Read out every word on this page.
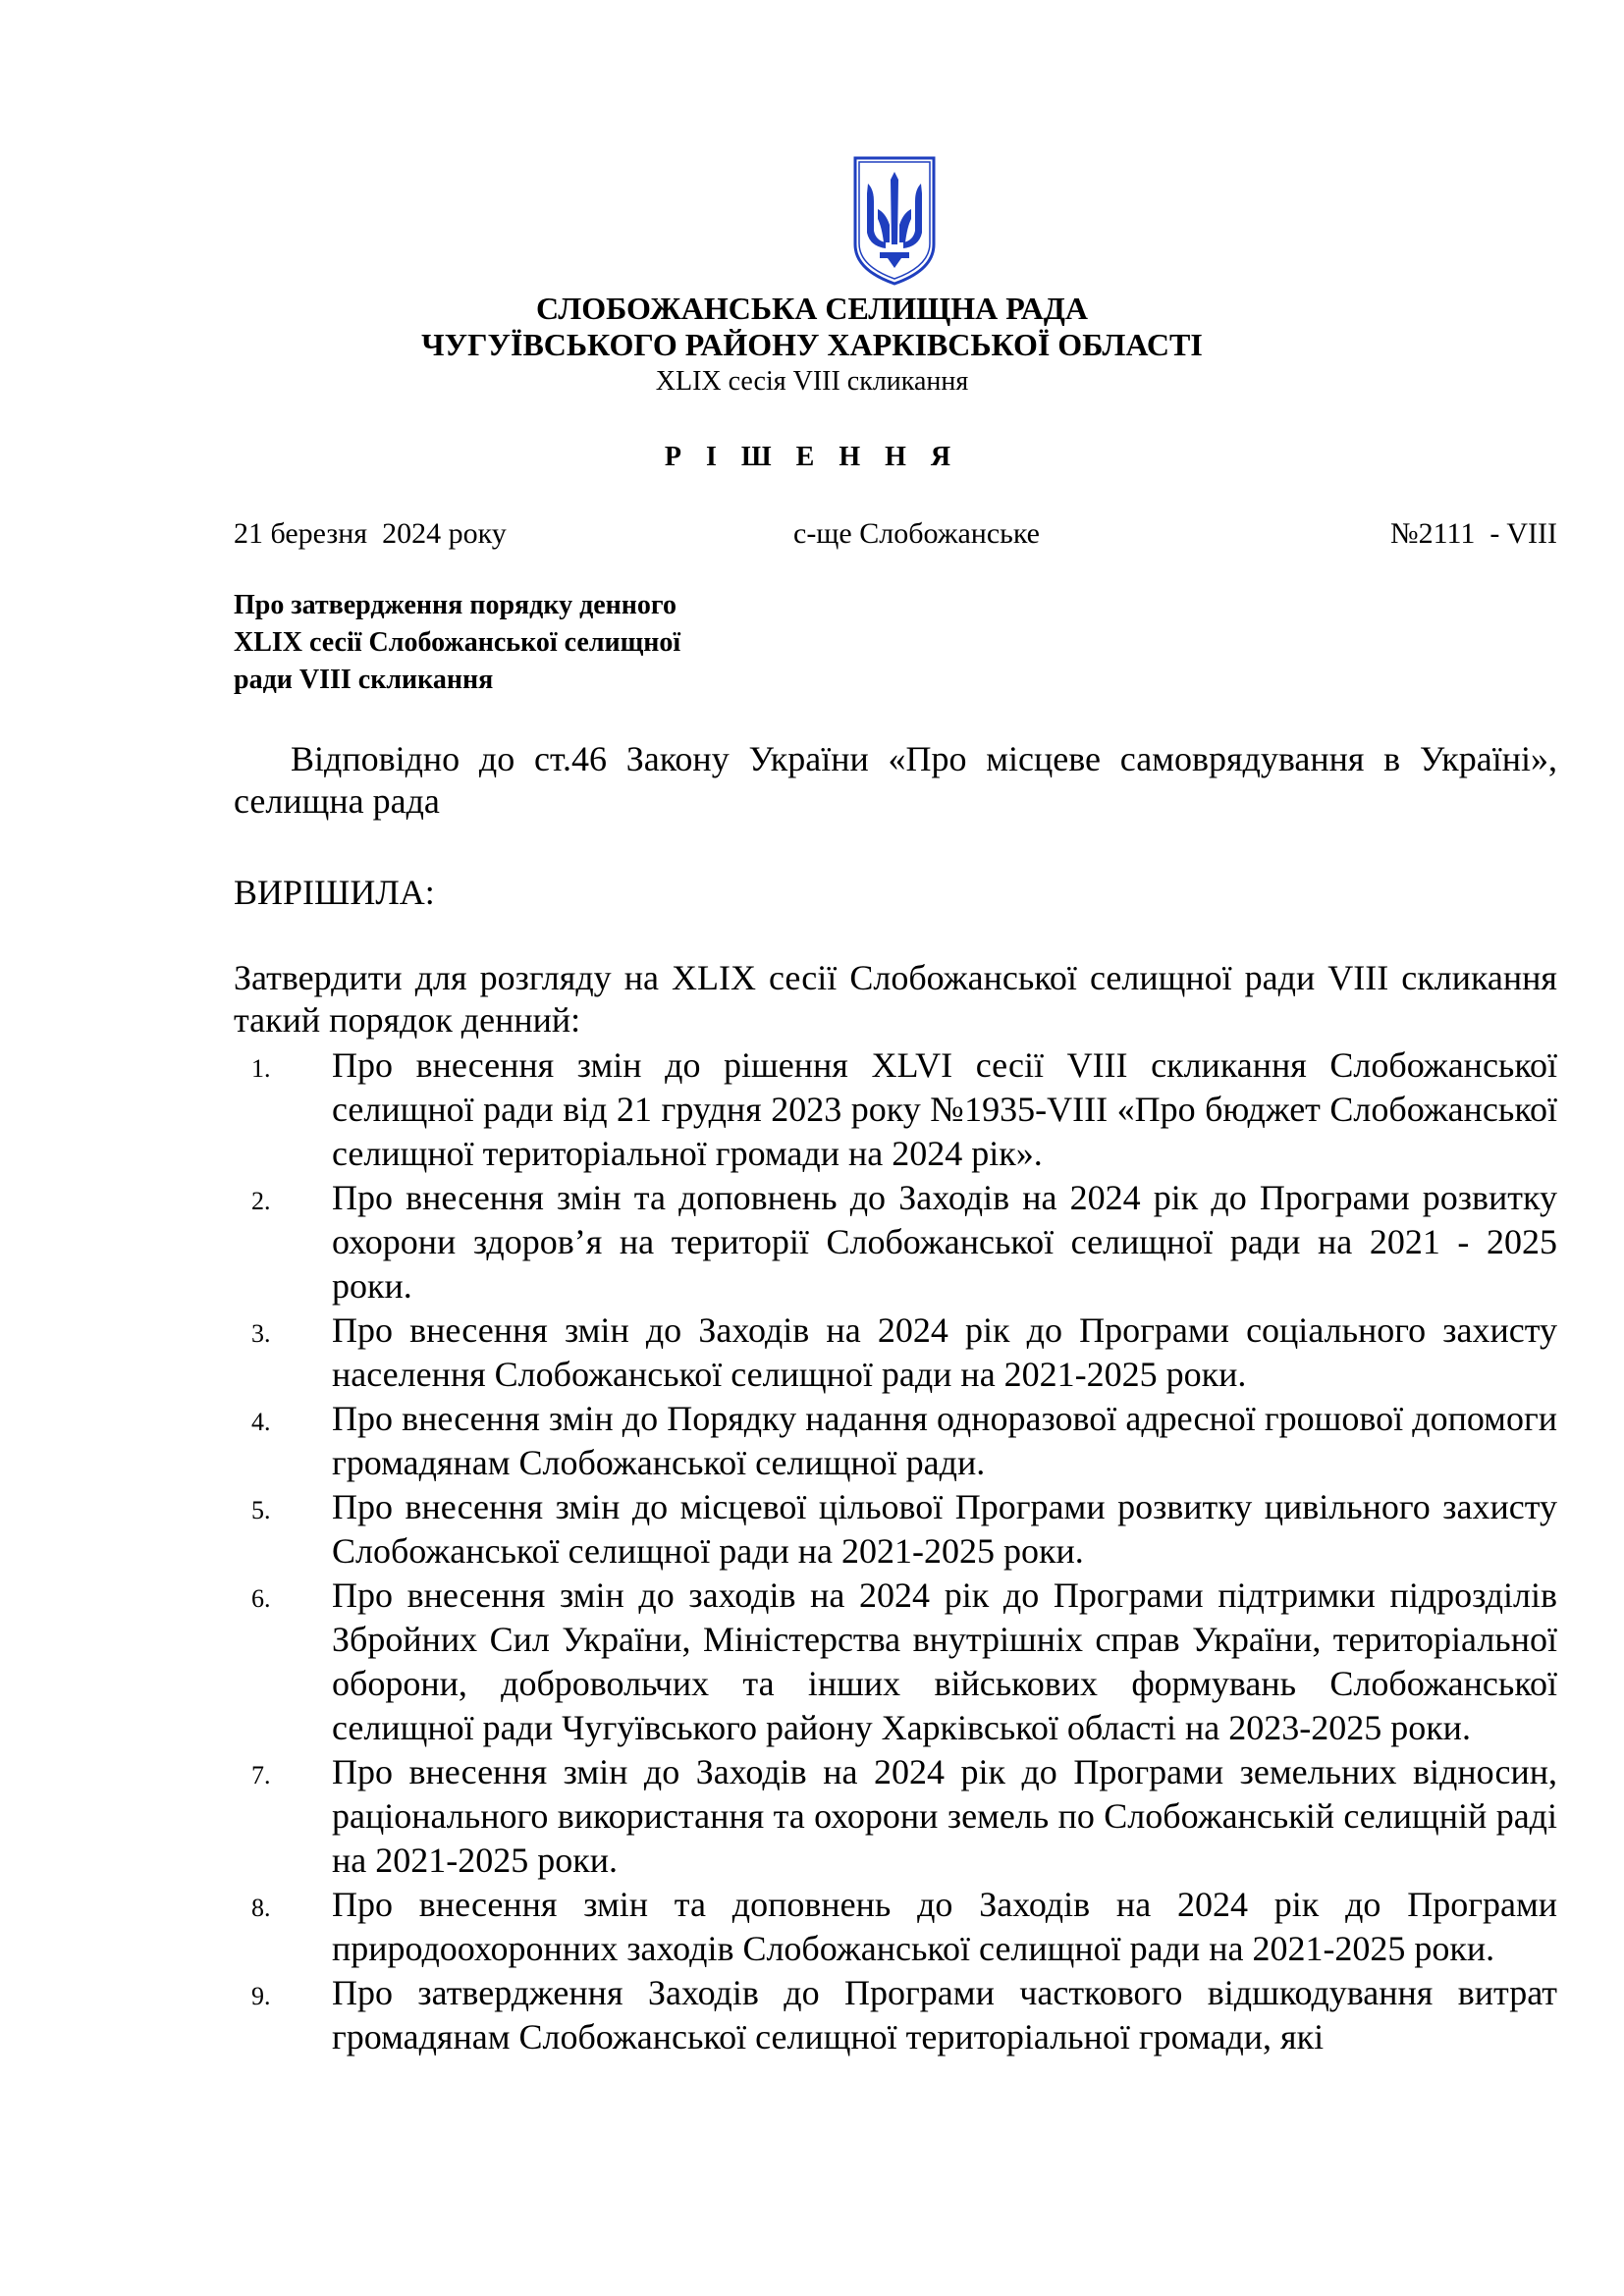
СЛОБОЖАНСЬКА СЕЛИЩНА РАДА
ЧУГУЇВСЬКОГО РАЙОНУ ХАРКІВСЬКОЇ ОБЛАСТІ
XLIX сесія VIII скликання
Р І Ш Е Н Н Я
21 березня  2024 року	с-ще Слобожанське	№2111  - VIII
Про затвердження порядку денного
XLIX сесії Слобожанської селищної
ради VIII скликання
Відповідно до ст.46 Закону України «Про місцеве самоврядування в Україні», селищна рада
ВИРІШИЛА:
Затвердити для розгляду на XLIX сесії Слобожанської селищної ради VIII скликання такий порядок денний:
1. Про внесення змін до рішення XLVI сесії VIII скликання Слобожанської селищної ради від 21 грудня 2023 року №1935-VIII «Про бюджет Слобожанської селищної територіальної громади на 2024 рік».
2. Про внесення змін та доповнень до Заходів на 2024 рік до Програми розвитку охорони здоров’я на території Слобожанської селищної ради на 2021 - 2025 роки.
3. Про внесення змін до Заходів на 2024 рік до Програми соціального захисту населення Слобожанської селищної ради на 2021-2025 роки.
4. Про внесення змін до Порядку надання одноразової адресної грошової допомоги громадянам Слобожанської селищної ради.
5. Про внесення змін до місцевої цільової Програми розвитку цивільного захисту Слобожанської селищної ради на 2021-2025 роки.
6. Про внесення змін до заходів на 2024 рік до Програми підтримки підрозділів Збройних Сил України, Міністерства внутрішніх справ України, територіальної оборони, добровольчих та інших військових формувань Слобожанської селищної ради Чугуївського району Харківської області на 2023-2025 роки.
7. Про внесення змін до Заходів на 2024 рік до Програми земельних відносин, раціонального використання та охорони земель по Слобожанській селищній раді на 2021-2025 роки.
8. Про внесення змін та доповнень до Заходів на 2024 рік до Програми природоохоронних заходів Слобожанської селищної ради на 2021-2025 роки.
9. Про затвердження Заходів до Програми часткового відшкодування витрат громадянам Слобожанської селищної територіальної громади, які
